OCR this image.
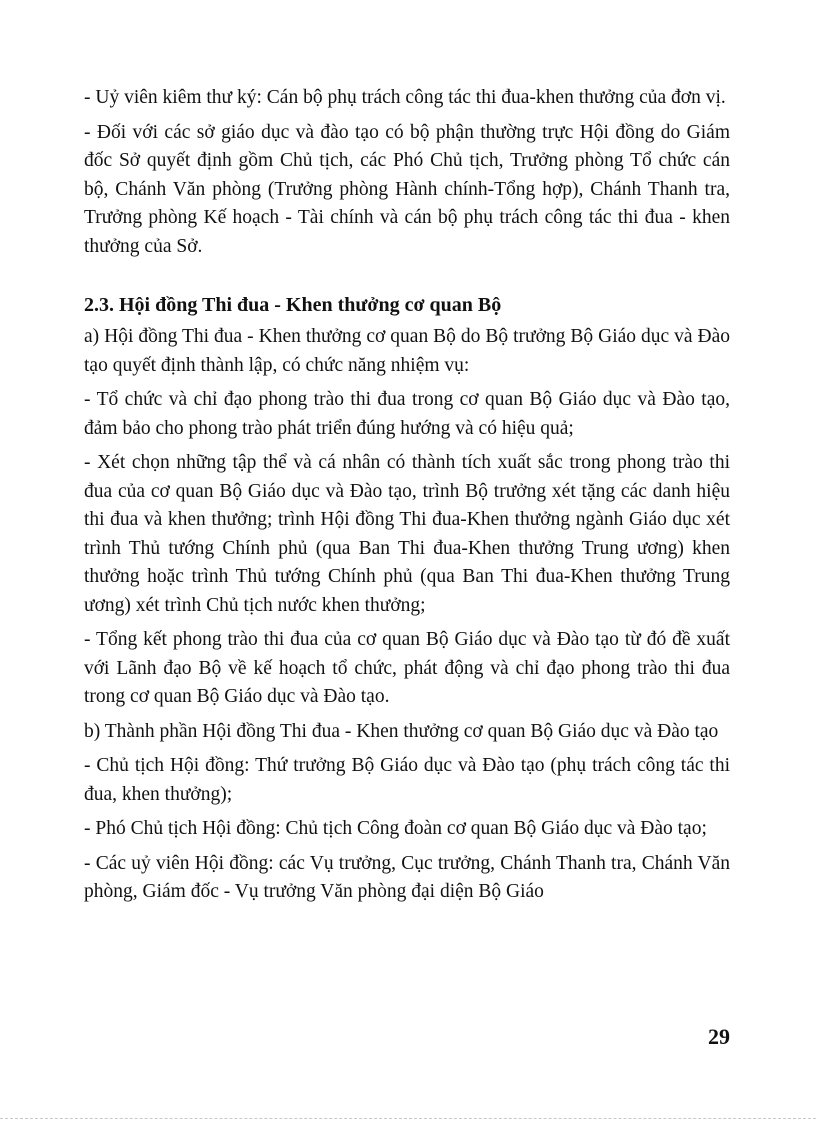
- Uỷ viên kiêm thư ký: Cán bộ phụ trách công tác thi đua-khen thưởng của đơn vị.

- Đối với các sở giáo dục và đào tạo có bộ phận thường trực Hội đồng do Giám đốc Sở quyết định gồm Chủ tịch, các Phó Chủ tịch, Trưởng phòng Tổ chức cán bộ, Chánh Văn phòng (Trưởng phòng Hành chính-Tổng hợp), Chánh Thanh tra, Trưởng phòng Kế hoạch - Tài chính và cán bộ phụ trách công tác thi đua - khen thưởng của Sở.

2.3. Hội đồng Thi đua - Khen thưởng cơ quan Bộ

a) Hội đồng Thi đua - Khen thưởng cơ quan Bộ do Bộ trưởng Bộ Giáo dục và Đào tạo quyết định thành lập, có chức năng nhiệm vụ:

- Tổ chức và chỉ đạo phong trào thi đua trong cơ quan Bộ Giáo dục và Đào tạo, đảm bảo cho phong trào phát triển đúng hướng và có hiệu quả;

- Xét chọn những tập thể và cá nhân có thành tích xuất sắc trong phong trào thi đua của cơ quan Bộ Giáo dục và Đào tạo, trình Bộ trưởng xét tặng các danh hiệu thi đua và khen thưởng; trình Hội đồng Thi đua-Khen thưởng ngành Giáo dục xét trình Thủ tướng Chính phủ (qua Ban Thi đua-Khen thưởng Trung ương) khen thưởng hoặc trình Thủ tướng Chính phủ (qua Ban Thi đua-Khen thưởng Trung ương) xét trình Chủ tịch nước khen thưởng;

- Tổng kết phong trào thi đua của cơ quan Bộ Giáo dục và Đào tạo từ đó đề xuất với Lãnh đạo Bộ về kế hoạch tổ chức, phát động và chỉ đạo phong trào thi đua trong cơ quan Bộ Giáo dục và Đào tạo.

b) Thành phần Hội đồng Thi đua - Khen thưởng cơ quan Bộ Giáo dục và Đào tạo

- Chủ tịch Hội đồng: Thứ trưởng Bộ Giáo dục và Đào tạo (phụ trách công tác thi đua, khen thưởng);

- Phó Chủ tịch Hội đồng: Chủ tịch Công đoàn cơ quan Bộ Giáo dục và Đào tạo;

- Các uỷ viên Hội đồng: các Vụ trưởng, Cục trưởng, Chánh Thanh tra, Chánh Văn phòng, Giám đốc - Vụ trưởng Văn phòng đại diện Bộ Giáo

29
